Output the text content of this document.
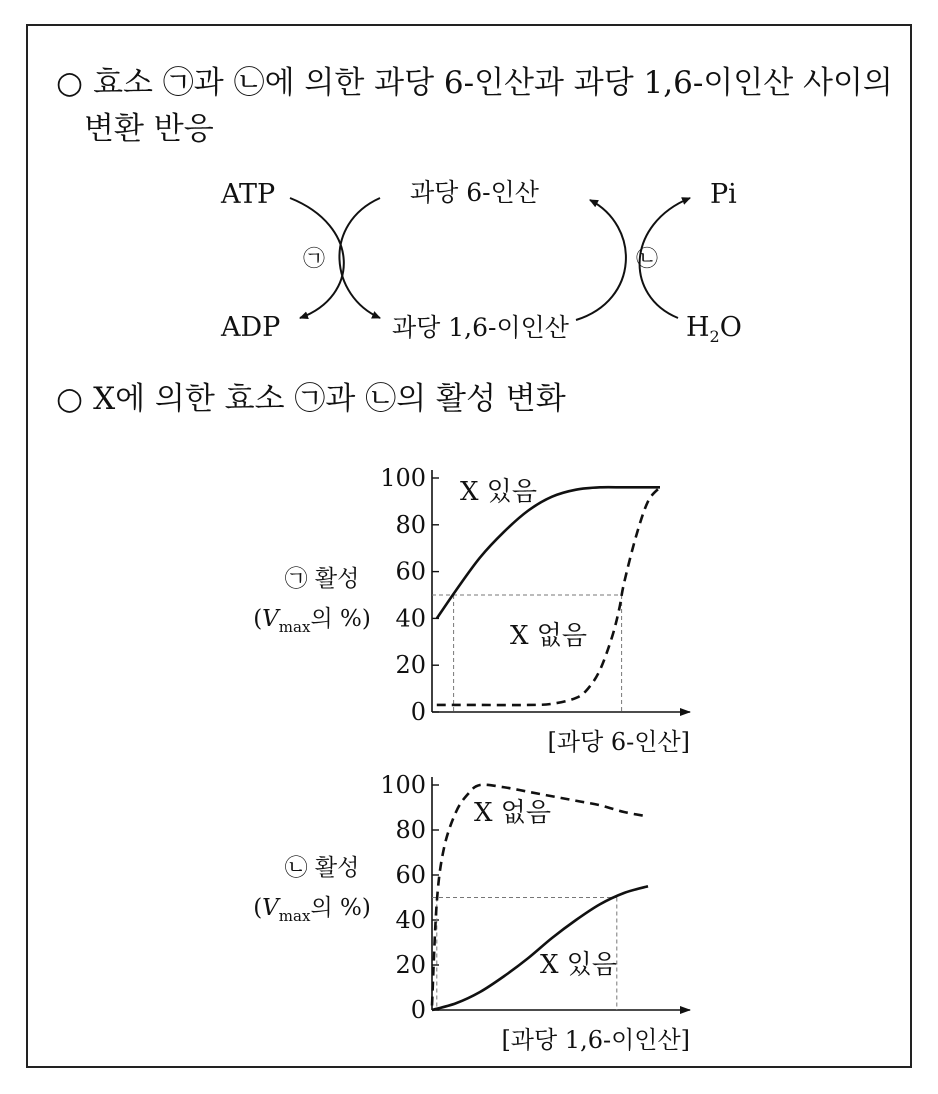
○ 효소 ㉠과 ㉡에 의한 과당 6-인산과 과당 1,6-이인산 사이의
변환 반응
ATP
ADP
과당 6-인산
과당 1,6-이인산
Pi
$H_2O$
㉠	㉡
○ X에 의한 효소 ㉠과 ㉡의 활성 변화
0
20
40
60
80
100 X 있음
X 없음
[과당 6-인산]
㉠ 활성
($V_{max}$의 %)
0
20
40
60
80
100
X 없음
X 있음
[과당 1,6-이인산]
㉡ 활성
($V_{max}$의 %)
